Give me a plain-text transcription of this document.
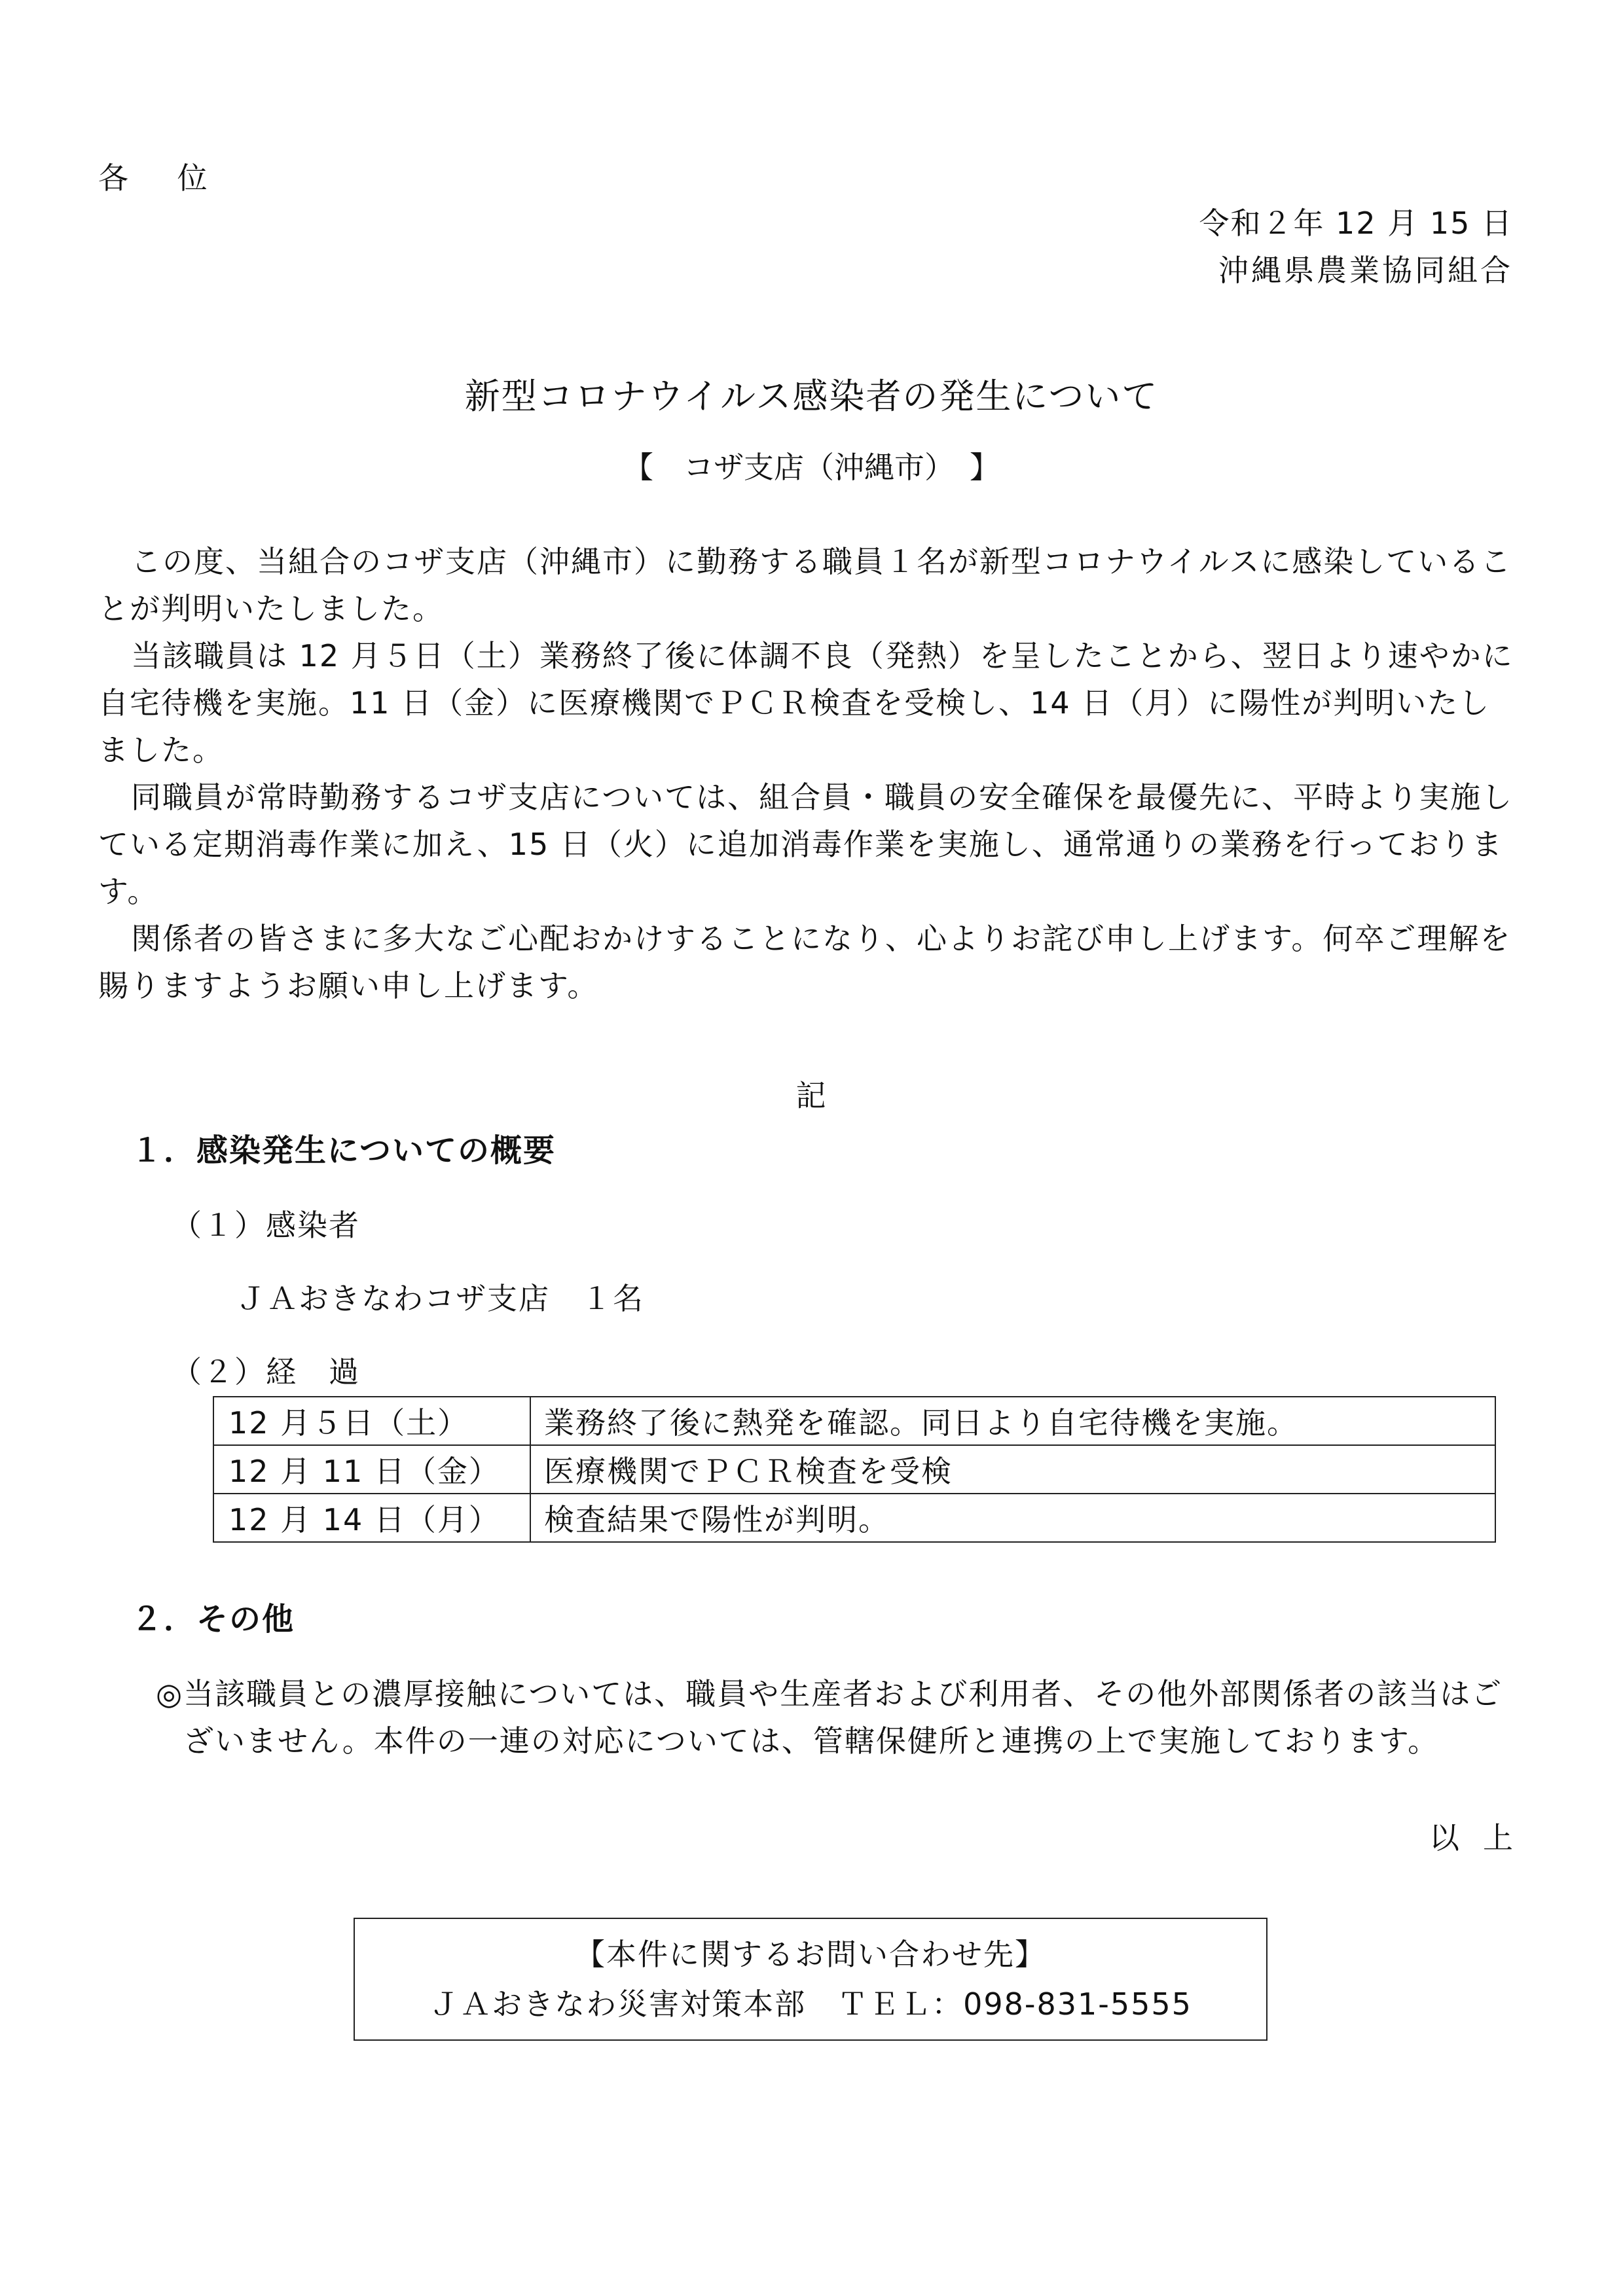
各 位
令和２年 12 月 15 日
沖縄県農業協同組合
新型コロナウイルス感染者の発生について
【　コザ支店（沖縄市）　】

この度、当組合のコザ支店（沖縄市）に勤務する職員１名が新型コロナウイルスに感染していることが判明いたしました。

当該職員は 12 月５日（土）業務終了後に体調不良（発熱）を呈したことから、翌日より速やかに自宅待機を実施。11 日（金）に医療機関でＰＣＲ検査を受検し、14 日（月）に陽性が判明いたしました。

同職員が常時勤務するコザ支店については、組合員・職員の安全確保を最優先に、平時より実施している定期消毒作業に加え、15 日（火）に追加消毒作業を実施し、通常通りの業務を行っております。

関係者の皆さまに多大なご心配おかけすることになり、心よりお詫び申し上げます。何卒ご理解を賜りますようお願い申し上げます。

記
１．感染発生についての概要
（１）感染者
ＪＡおきなわコザ支店　１名
（２）経　過
12 月５日（土）	業務終了後に熱発を確認。同日より自宅待機を実施。
12 月 11 日（金）	医療機関でＰＣＲ検査を受検
12 月 14 日（月）	検査結果で陽性が判明。
２．その他

◎当該職員との濃厚接触については、職員や生産者および利用者、その他外部関係者の該当はございません。本件の一連の対応については、管轄保健所と連携の上で実施しております。

以上
【本件に関するお問い合わせ先】
ＪＡおきなわ災害対策本部　ＴＥＬ：098-831-5555
